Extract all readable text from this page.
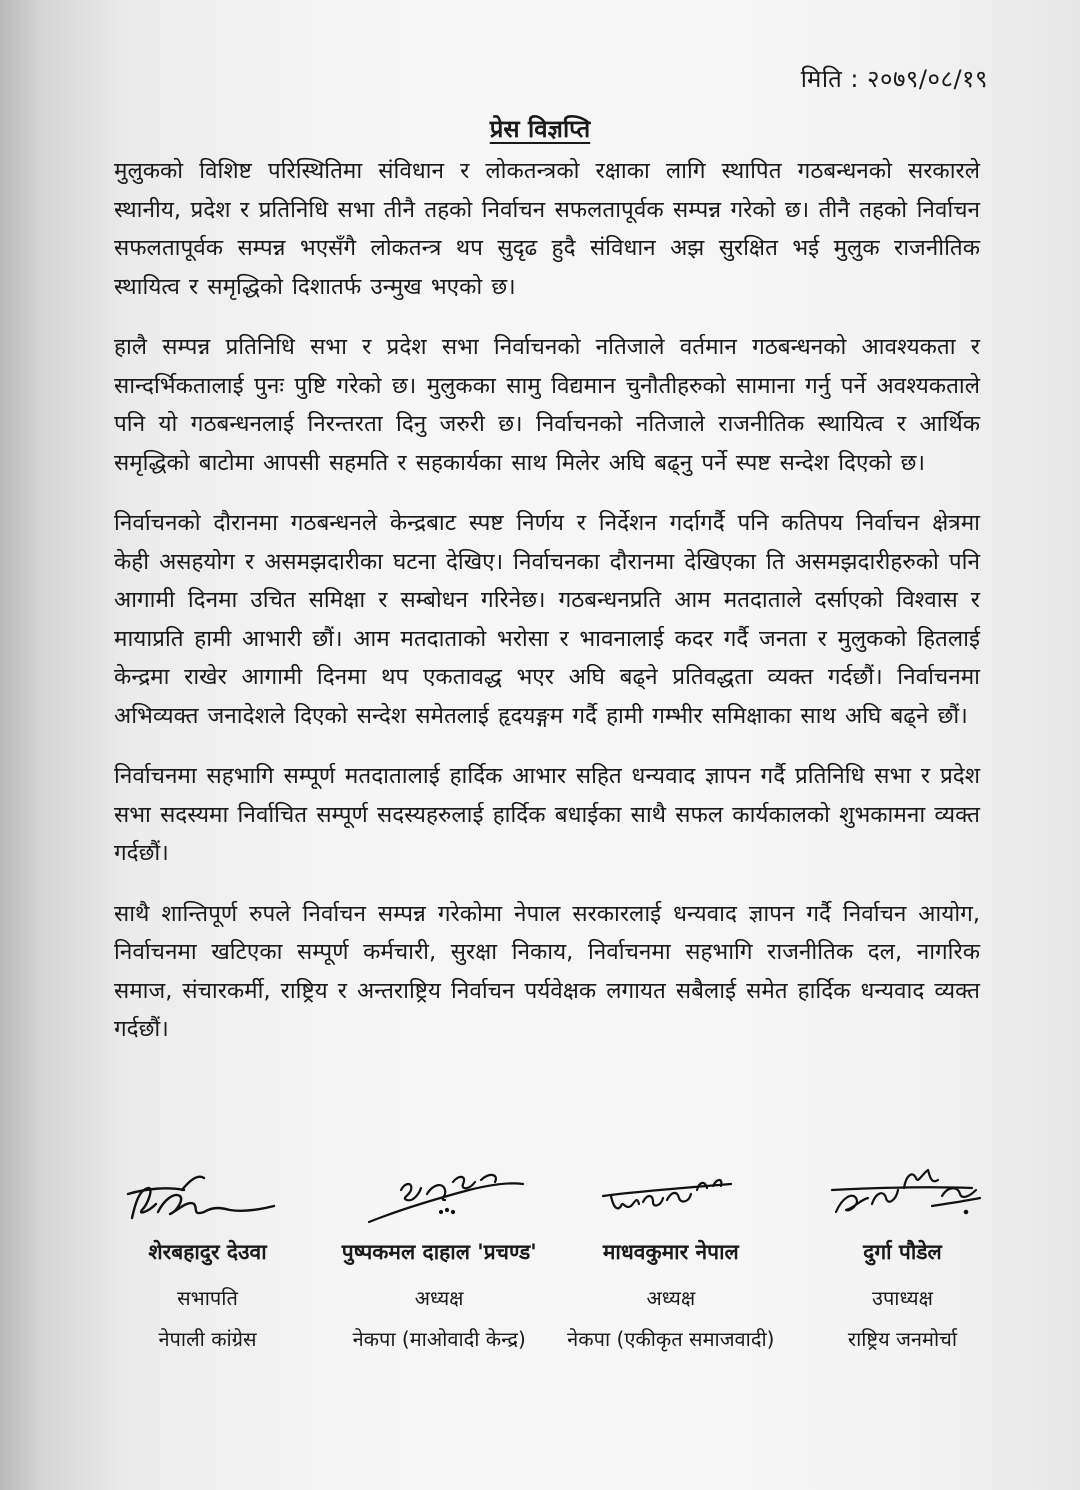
मिति : २०७९/०८/१९
प्रेस विज्ञप्ति

मुलुकको विशिष्ट परिस्थितिमा संविधान र लोकतन्त्रको रक्षाका लागि स्थापित गठबन्धनको सरकारले स्थानीय, प्रदेश र प्रतिनिधि सभा तीनै तहको निर्वाचन सफलतापूर्वक सम्पन्न गरेको छ। तीनै तहको निर्वाचन सफलतापूर्वक सम्पन्न भएसँगै लोकतन्त्र थप सुदृढ हुदै संविधान अझ सुरक्षित भई मुलुक राजनीतिक स्थायित्व र समृद्धिको दिशातर्फ उन्मुख भएको छ।

हालै सम्पन्न प्रतिनिधि सभा र प्रदेश सभा निर्वाचनको नतिजाले वर्तमान गठबन्धनको आवश्यकता र सान्दर्भिकतालाई पुनः पुष्टि गरेको छ। मुलुकका सामु विद्यमान चुनौतीहरुको सामाना गर्नु पर्ने अवश्यकताले पनि यो गठबन्धनलाई निरन्तरता दिनु जरुरी छ। निर्वाचनको नतिजाले राजनीतिक स्थायित्व र आर्थिक समृद्धिको बाटोमा आपसी सहमति र सहकार्यका साथ मिलेर अघि बढ्नु पर्ने स्पष्ट सन्देश दिएको छ।

निर्वाचनको दौरानमा गठबन्धनले केन्द्रबाट स्पष्ट निर्णय र निर्देशन गर्दागर्दै पनि कतिपय निर्वाचन क्षेत्रमा केही असहयोग र असमझदारीका घटना देखिए। निर्वाचनका दौरानमा देखिएका ति असमझदारीहरुको पनि आगामी दिनमा उचित समिक्षा र सम्बोधन गरिनेछ। गठबन्धनप्रति आम मतदाताले दर्साएको विश्वास र मायाप्रति हामी आभारी छौं। आम मतदाताको भरोसा र भावनालाई कदर गर्दै जनता र मुलुकको हितलाई केन्द्रमा राखेर आगामी दिनमा थप एकतावद्ध भएर अघि बढ्ने प्रतिवद्धता व्यक्त गर्दछौं। निर्वाचनमा अभिव्यक्त जनादेशले दिएको सन्देश समेतलाई हृदयङ्गम गर्दै हामी गम्भीर समिक्षाका साथ अघि बढ्ने छौं।

निर्वाचनमा सहभागि सम्पूर्ण मतदातालाई हार्दिक आभार सहित धन्यवाद ज्ञापन गर्दै प्रतिनिधि सभा र प्रदेश सभा सदस्यमा निर्वाचित सम्पूर्ण सदस्यहरुलाई हार्दिक बधाईका साथै सफल कार्यकालको शुभकामना व्यक्त गर्दछौं।

साथै शान्तिपूर्ण रुपले निर्वाचन सम्पन्न गरेकोमा नेपाल सरकारलाई धन्यवाद ज्ञापन गर्दै निर्वाचन आयोग, निर्वाचनमा खटिएका सम्पूर्ण कर्मचारी, सुरक्षा निकाय, निर्वाचनमा सहभागि राजनीतिक दल, नागरिक समाज, संचारकर्मी, राष्ट्रिय र अन्तराष्ट्रिय निर्वाचन पर्यवेक्षक लगायत सबैलाई समेत हार्दिक धन्यवाद व्यक्त गर्दछौं।

शेरबहादुर देउवा
सभापति
नेपाली कांग्रेस
पुष्पकमल दाहाल 'प्रचण्ड'
अध्यक्ष
नेकपा (माओवादी केन्द्र)
माधवकुमार नेपाल
अध्यक्ष
नेकपा (एकीकृत समाजवादी)
दुर्गा पौडेल
उपाध्यक्ष
राष्ट्रिय जनमोर्चा
